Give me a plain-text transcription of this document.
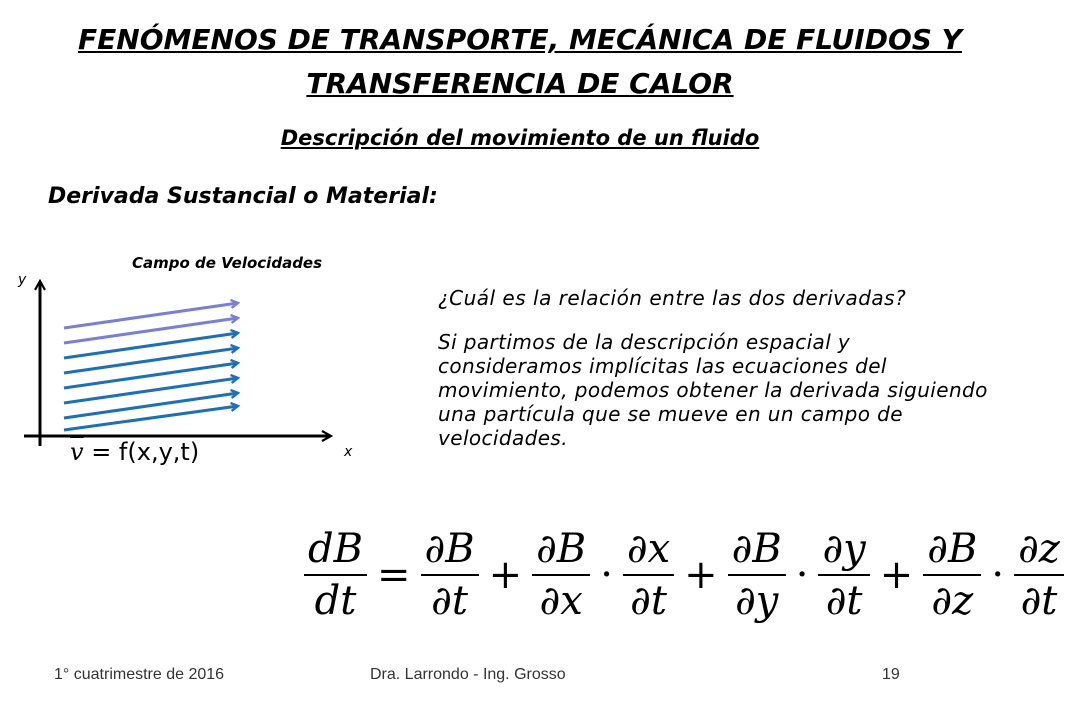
FENÓMENOS DE TRANSPORTE, MECÁNICA DE FLUIDOS Y TRANSFERENCIA DE CALOR
Descripción del movimiento de un fluido
Derivada Sustancial o Material:
Campo de Velocidades
y
x
$\overline{v} = f(x,y,t)$
¿Cuál es la relación entre las dos derivadas?
Si partimos de la descripción espacial y consideramos implícitas las ecuaciones del movimiento, podemos obtener la derivada siguiendo una partícula que se mueve en un campo de velocidades.
$\frac{dB}{dt} = \frac{\partial B}{\partial t} + \frac{\partial B}{\partial x} \cdot \frac{\partial x}{\partial t} + \frac{\partial B}{\partial y} \cdot \frac{\partial y}{\partial t} + \frac{\partial B}{\partial z} \cdot \frac{\partial z}{\partial t}$
1° cuatrimestre de 2016	Dra. Larrondo - Ing. Grosso	19
